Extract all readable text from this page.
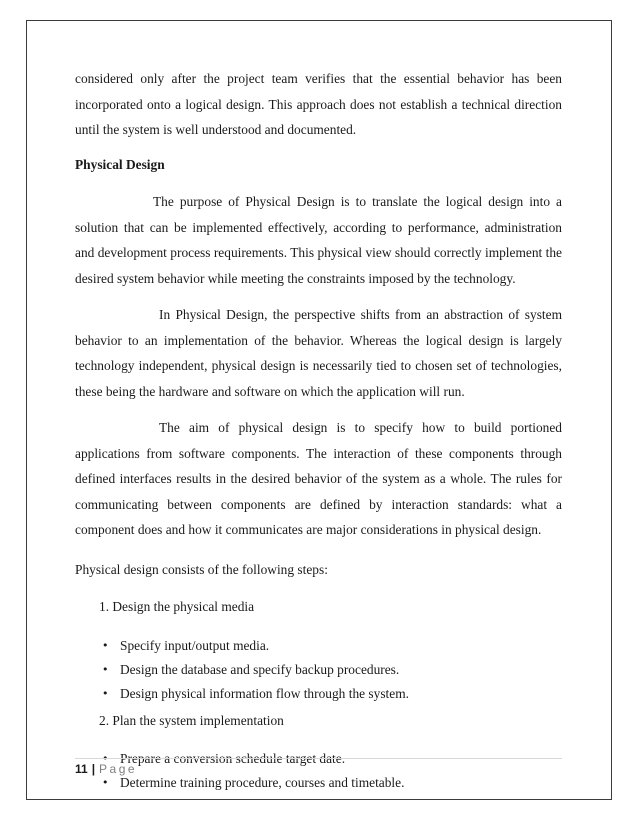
considered only after the project team verifies that the essential behavior has been incorporated onto a logical design. This approach does not establish a technical direction until the system is well understood and documented.

Physical Design

The purpose of Physical Design is to translate the logical design into a solution that can be implemented effectively, according to performance, administration and development process requirements. This physical view should correctly implement the desired system behavior while meeting the constraints imposed by the technology.

In Physical Design, the perspective shifts from an abstraction of system behavior to an implementation of the behavior. Whereas the logical design is largely technology independent, physical design is necessarily tied to chosen set of technologies, these being the hardware and software on which the application will run.

The aim of physical design is to specify how to build portioned applications from software components. The interaction of these components through defined interfaces results in the desired behavior of the system as a whole. The rules for communicating between components are defined by interaction standards: what a component does and how it communicates are major considerations in physical design.

Physical design consists of the following steps:

1. Design the physical media
• Specify input/output media.
• Design the database and specify backup procedures.
• Design physical information flow through the system.
2. Plan the system implementation
• Prepare a conversion schedule target date.
• Determine training procedure, courses and timetable.
11 | Page
